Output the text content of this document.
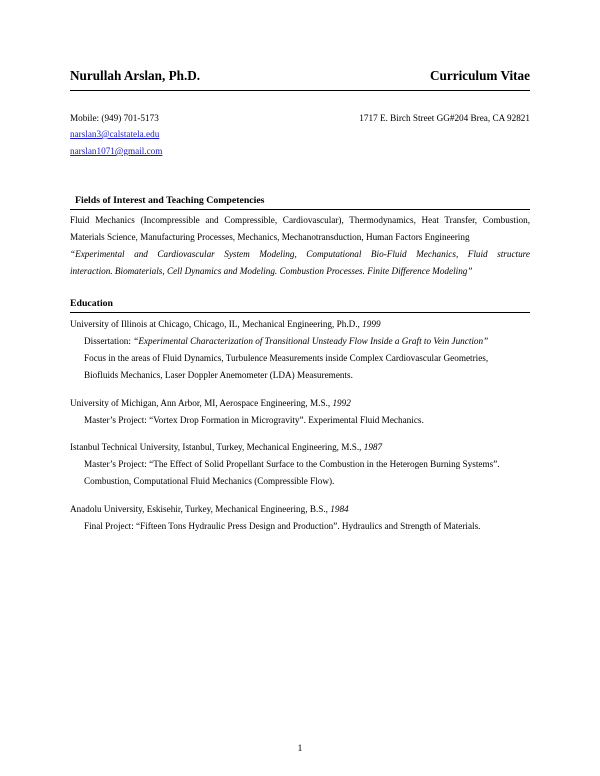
Nurullah Arslan, Ph.D.	Curriculum Vitae
Mobile: (949) 701-5173	1717 E. Birch Street GG#204 Brea, CA 92821
narslan3@calstatela.edu
narslan1071@gmail.com
Fields of Interest and Teaching Competencies
Fluid Mechanics (Incompressible and Compressible, Cardiovascular), Thermodynamics, Heat Transfer, Combustion,
Materials Science, Manufacturing Processes, Mechanics, Mechanotransduction, Human Factors Engineering
“Experimental and Cardiovascular System Modeling, Computational Bio-Fluid Mechanics, Fluid structure
interaction. Biomaterials, Cell Dynamics and Modeling. Combustion Processes. Finite Difference Modeling”
Education
University of Illinois at Chicago, Chicago, IL, Mechanical Engineering, Ph.D., 1999
Dissertation: “Experimental Characterization of Transitional Unsteady Flow Inside a Graft to Vein Junction”
Focus in the areas of Fluid Dynamics, Turbulence Measurements inside Complex Cardiovascular Geometries,
Biofluids Mechanics, Laser Doppler Anemometer (LDA) Measurements.
University of Michigan, Ann Arbor, MI, Aerospace Engineering, M.S., 1992
Master’s Project: “Vortex Drop Formation in Microgravity”. Experimental Fluid Mechanics.
Istanbul Technical University, Istanbul, Turkey, Mechanical Engineering, M.S., 1987
Master’s Project: “The Effect of Solid Propellant Surface to the Combustion in the Heterogen Burning Systems”.
Combustion, Computational Fluid Mechanics (Compressible Flow).
Anadolu University, Eskisehir, Turkey, Mechanical Engineering, B.S., 1984
Final Project: “Fifteen Tons Hydraulic Press Design and Production”. Hydraulics and Strength of Materials.
1
